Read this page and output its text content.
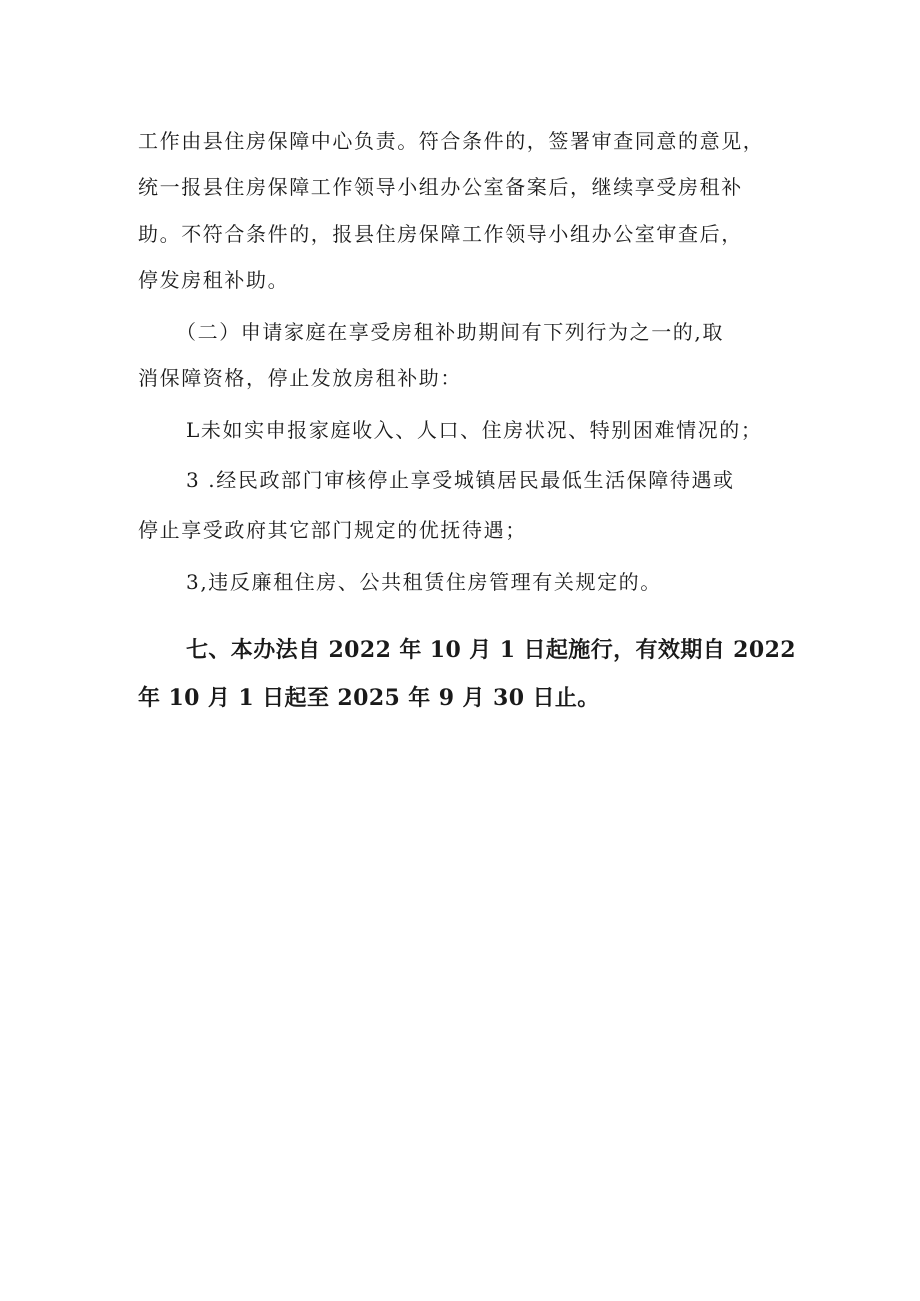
工作由县住房保障中心负责。符合条件的，签署审查同意的意见，
统一报县住房保障工作领导小组办公室备案后，继续享受房租补
助。不符合条件的，报县住房保障工作领导小组办公室审查后，
停发房租补助。
（二）申请家庭在享受房租补助期间有下列行为之一的,取
消保障资格，停止发放房租补助：
L未如实申报家庭收入、人口、住房状况、特别困难情况的；
3 .经民政部门审核停止享受城镇居民最低生活保障待遇或
停止享受政府其它部门规定的优抚待遇；
3,违反廉租住房、公共租赁住房管理有关规定的。
七、本办法自 2022 年 10 月 1 日起施行，有效期自 2022
年 10 月 1 日起至 2025 年 9 月 30 日止。
